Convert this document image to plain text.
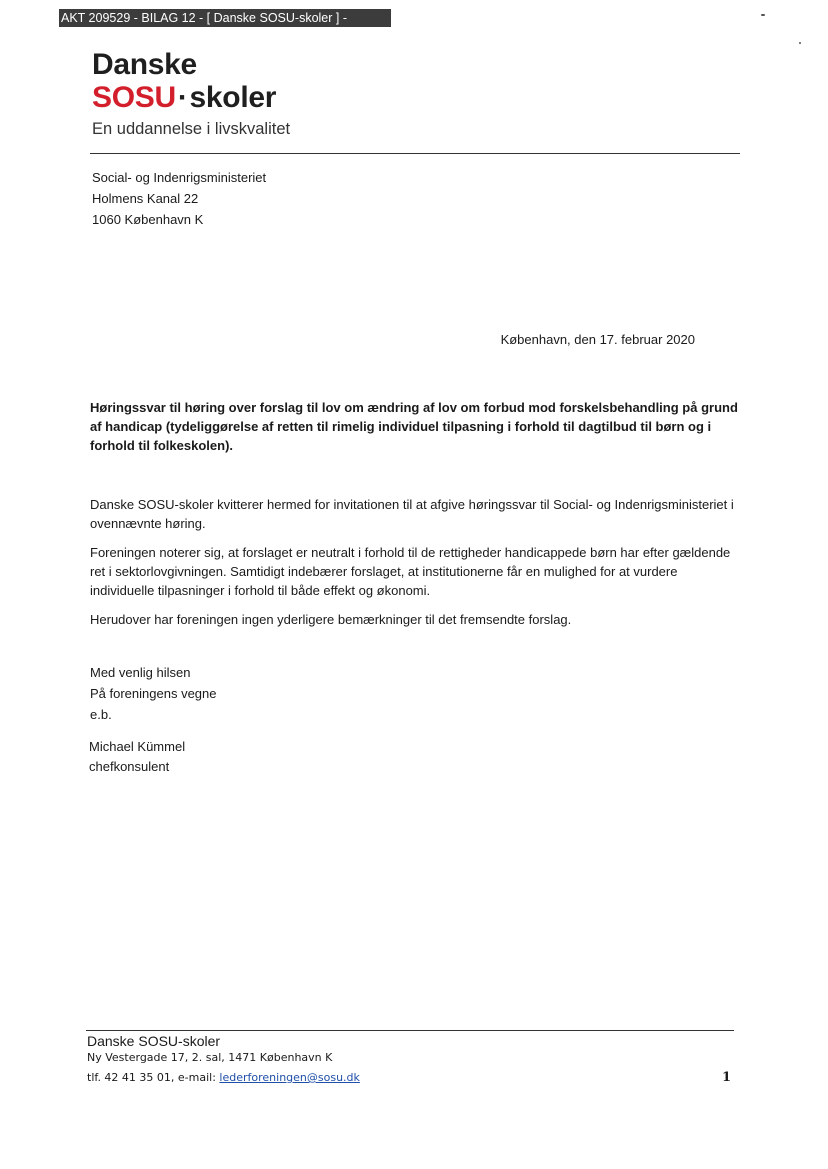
AKT 209529 - BILAG 12 - [ Danske SOSU-skoler ] -
Danske
SOSU·skoler
En uddannelse i livskvalitet
Social- og Indenrigsministeriet
Holmens Kanal 22
1060 København K
København, den 17. februar 2020
Høringssvar til høring over forslag til lov om ændring af lov om forbud mod forskelsbehandling på grund af handicap (tydeliggørelse af retten til rimelig individuel tilpasning i forhold til dagtilbud til børn og i forhold til folkeskolen).

Danske SOSU-skoler kvitterer hermed for invitationen til at afgive høringssvar til Social- og Indenrigsministeriet i ovennævnte høring.

Foreningen noterer sig, at forslaget er neutralt i forhold til de rettigheder handicappede børn har efter gældende ret i sektorlovgivningen. Samtidigt indebærer forslaget, at institutionerne får en mulighed for at vurdere individuelle tilpasninger i forhold til både effekt og økonomi.

Herudover har foreningen ingen yderligere bemærkninger til det fremsendte forslag.

Med venlig hilsen
På foreningens vegne
e.b.
Michael Kümmel
chefkonsulent
Danske SOSU-skoler
Ny Vestergade 17, 2. sal, 1471 København K
tlf. 42 41 35 01, e-mail: lederforeningen@sosu.dk	1
